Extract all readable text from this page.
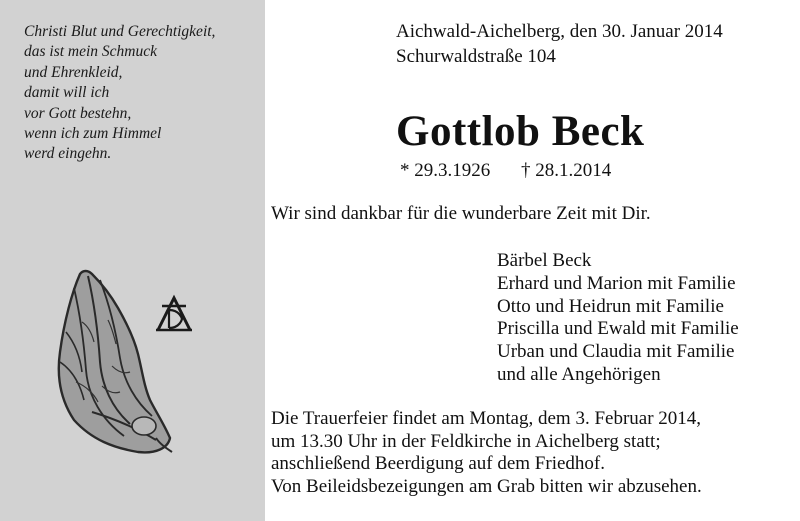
Christi Blut und Gerechtigkeit,
das ist mein Schmuck
und Ehrenkleid,
damit will ich
vor Gott bestehn,
wenn ich zum Himmel
werd eingehn.
Aichwald-Aichelberg, den 30. Januar 2014
Schurwaldstraße 104
Gottlob Beck
* 29.3.1926 † 28.1.2014
Wir sind dankbar für die wunderbare Zeit mit Dir.
Bärbel Beck
Erhard und Marion mit Familie
Otto und Heidrun mit Familie
Priscilla und Ewald mit Familie
Urban und Claudia mit Familie
und alle Angehörigen
Die Trauerfeier findet am Montag, dem 3. Februar 2014,
um 13.30 Uhr in der Feldkirche in Aichelberg statt;
anschließend Beerdigung auf dem Friedhof.
Von Beileidsbezeigungen am Grab bitten wir abzusehen.
